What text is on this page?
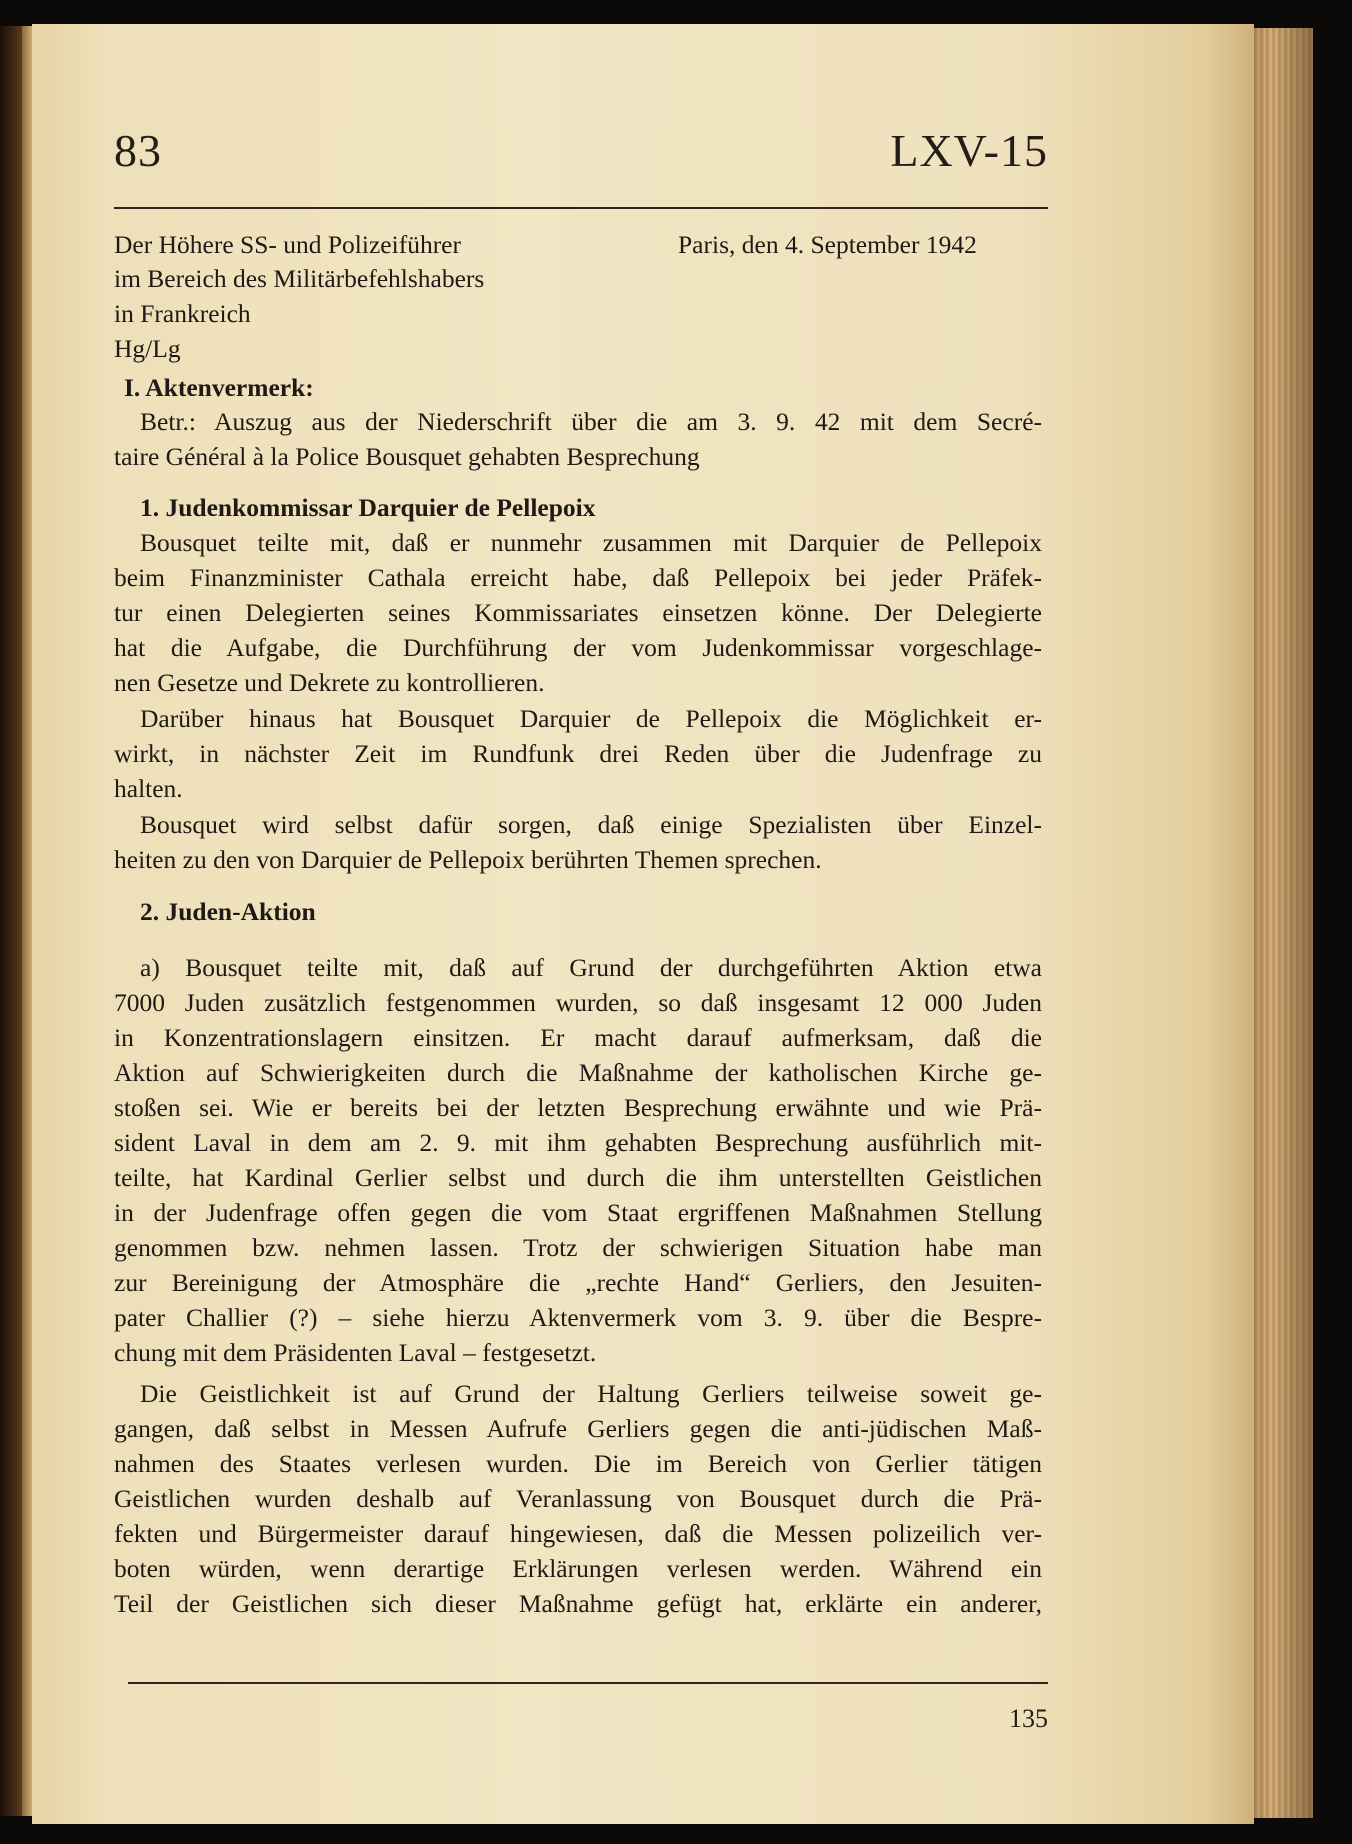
83	LXV-15
Der Höhere SS- und Polizeiführer
im Bereich des Militärbefehlshabers
in Frankreich
Hg/Lg
Paris, den 4. September 1942
I. Aktenvermerk:
Betr.: Auszug aus der Niederschrift über die am 3. 9. 42 mit dem Secré-
taire Général à la Police Bousquet gehabten Besprechung
1. Judenkommissar Darquier de Pellepoix
Bousquet teilte mit, daß er nunmehr zusammen mit Darquier de Pellepoix
beim Finanzminister Cathala erreicht habe, daß Pellepoix bei jeder Präfek-
tur einen Delegierten seines Kommissariates einsetzen könne. Der Delegierte
hat die Aufgabe, die Durchführung der vom Judenkommissar vorgeschlage-
nen Gesetze und Dekrete zu kontrollieren.
Darüber hinaus hat Bousquet Darquier de Pellepoix die Möglichkeit er-
wirkt, in nächster Zeit im Rundfunk drei Reden über die Judenfrage zu
halten.
Bousquet wird selbst dafür sorgen, daß einige Spezialisten über Einzel-
heiten zu den von Darquier de Pellepoix berührten Themen sprechen.
2. Juden-Aktion
a) Bousquet teilte mit, daß auf Grund der durchgeführten Aktion etwa
7000 Juden zusätzlich festgenommen wurden, so daß insgesamt 12 000 Juden
in Konzentrationslagern einsitzen. Er macht darauf aufmerksam, daß die
Aktion auf Schwierigkeiten durch die Maßnahme der katholischen Kirche ge-
stoßen sei. Wie er bereits bei der letzten Besprechung erwähnte und wie Prä-
sident Laval in dem am 2. 9. mit ihm gehabten Besprechung ausführlich mit-
teilte, hat Kardinal Gerlier selbst und durch die ihm unterstellten Geistlichen
in der Judenfrage offen gegen die vom Staat ergriffenen Maßnahmen Stellung
genommen bzw. nehmen lassen. Trotz der schwierigen Situation habe man
zur Bereinigung der Atmosphäre die „rechte Hand“ Gerliers, den Jesuiten-
pater Challier (?) – siehe hierzu Aktenvermerk vom 3. 9. über die Bespre-
chung mit dem Präsidenten Laval – festgesetzt.
Die Geistlichkeit ist auf Grund der Haltung Gerliers teilweise soweit ge-
gangen, daß selbst in Messen Aufrufe Gerliers gegen die anti-jüdischen Maß-
nahmen des Staates verlesen wurden. Die im Bereich von Gerlier tätigen
Geistlichen wurden deshalb auf Veranlassung von Bousquet durch die Prä-
fekten und Bürgermeister darauf hingewiesen, daß die Messen polizeilich ver-
boten würden, wenn derartige Erklärungen verlesen werden. Während ein
Teil der Geistlichen sich dieser Maßnahme gefügt hat, erklärte ein anderer,
135
